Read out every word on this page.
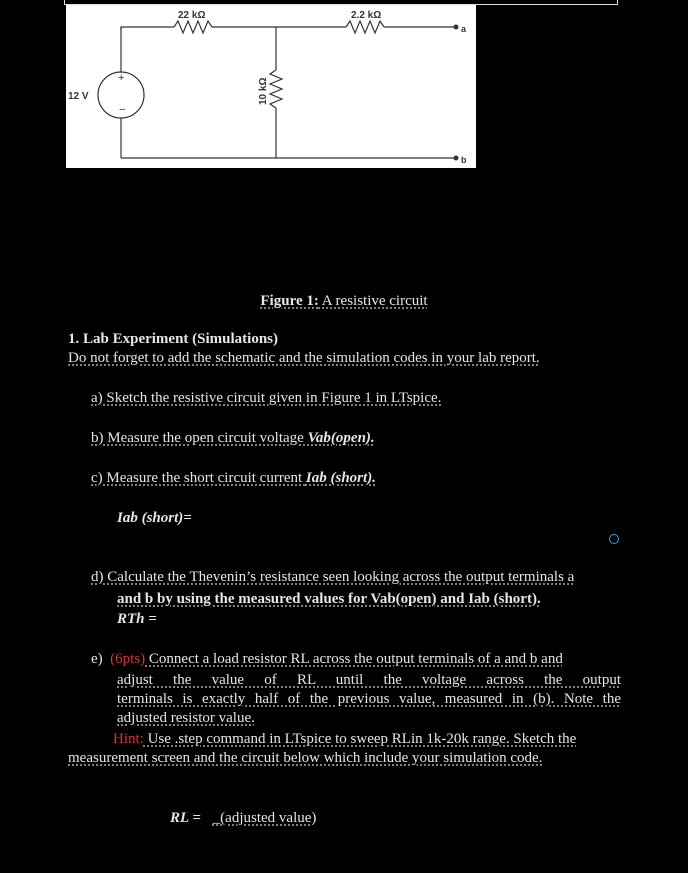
+
−
22 kΩ	2.2 kΩ
10 kΩ
12 V
a
b
Figure 1: A resistive circuit
1. Lab Experiment (Simulations)
Do not forget to add the schematic and the simulation codes in your lab report.
a) Sketch the resistive circuit given in Figure 1 in LTspice.
b) Measure the open circuit voltage Vab(open).
c) Measure the short circuit current Iab (short).
Iab (short)=
d) Calculate the Thevenin’s resistance seen looking across the output terminals a
and b by using the measured values for Vab(open) and Iab (short).
RTh =
e)  (6pts) Connect a load resistor RL across the output terminals of a and b and
adjust the value of RL until the voltage across the output
terminals is exactly half of the previous value, measured in (b). Note the
adjusted resistor value.
Hint: Use .step command in LTspice to sweep RLin 1k-20k range. Sketch the
measurement screen and the circuit below which include your simulation code.
RL = _(adjusted value)
